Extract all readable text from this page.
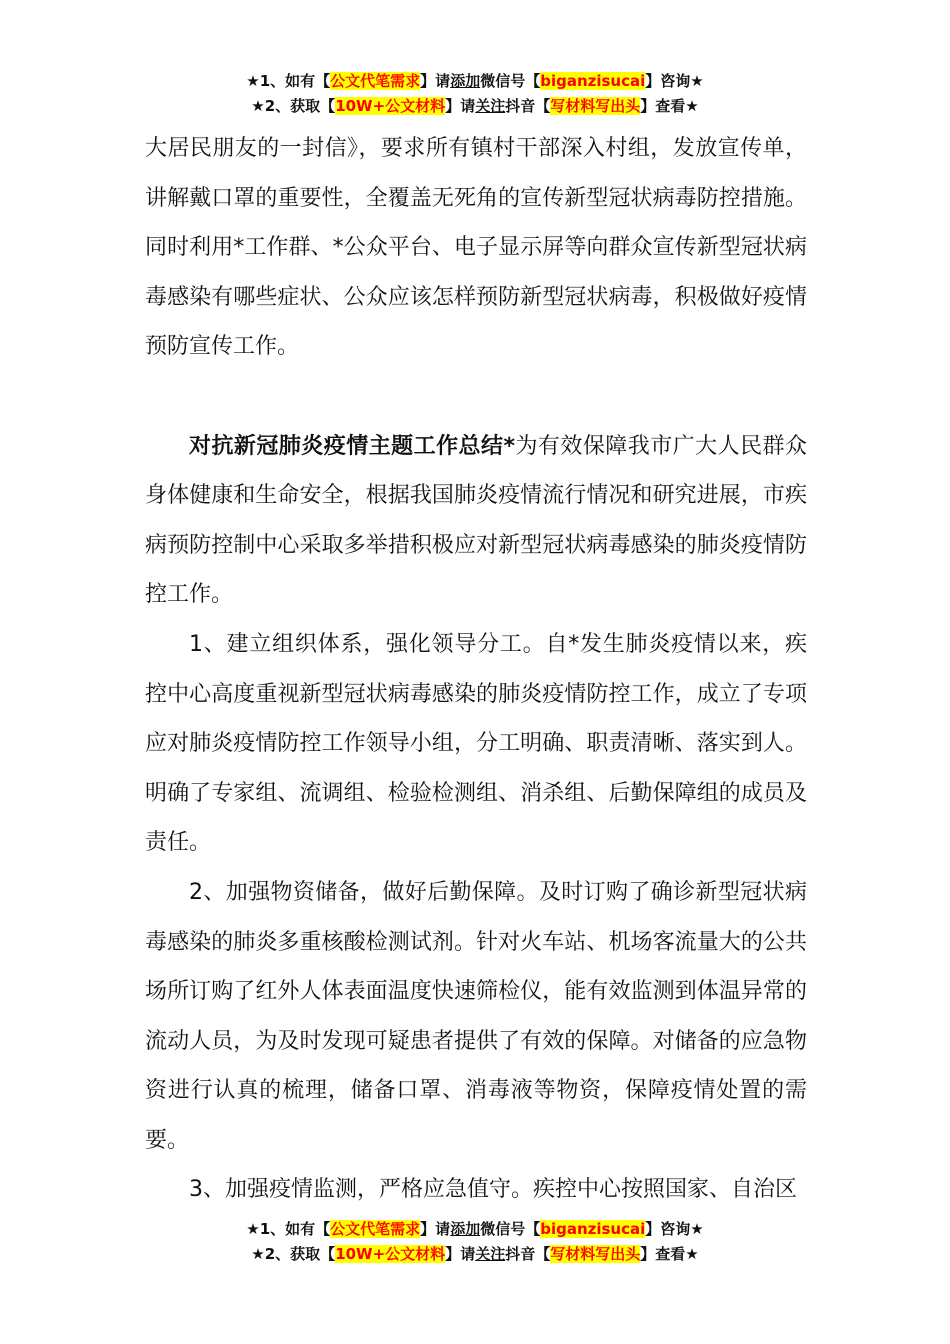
★1、如有【公文代笔需求】请添加微信号【biganzisucai】咨询★
★2、获取【10W+公文材料】请关注抖音【写材料写出头】查看★

大居民朋友的一封信》，要求所有镇村干部深入村组，发放宣传单，讲解戴口罩的重要性，全覆盖无死角的宣传新型冠状病毒防控措施。同时利用*工作群、*公众平台、电子显示屏等向群众宣传新型冠状病毒感染有哪些症状、公众应该怎样预防新型冠状病毒，积极做好疫情预防宣传工作。

对抗新冠肺炎疫情主题工作总结*为有效保障我市广大人民群众身体健康和生命安全，根据我国肺炎疫情流行情况和研究进展，市疾病预防控制中心采取多举措积极应对新型冠状病毒感染的肺炎疫情防控工作。

1、建立组织体系，强化领导分工。自*发生肺炎疫情以来，疾控中心高度重视新型冠状病毒感染的肺炎疫情防控工作，成立了专项应对肺炎疫情防控工作领导小组，分工明确、职责清晰、落实到人。明确了专家组、流调组、检验检测组、消杀组、后勤保障组的成员及责任。

2、加强物资储备，做好后勤保障。及时订购了确诊新型冠状病毒感染的肺炎多重核酸检测试剂。针对火车站、机场客流量大的公共场所订购了红外人体表面温度快速筛检仪，能有效监测到体温异常的流动人员，为及时发现可疑患者提供了有效的保障。对储备的应急物资进行认真的梳理，储备口罩、消毒液等物资，保障疫情处置的需要。

3、加强疫情监测，严格应急值守。疾控中心按照国家、自治区

★1、如有【公文代笔需求】请添加微信号【biganzisucai】咨询★
★2、获取【10W+公文材料】请关注抖音【写材料写出头】查看★
